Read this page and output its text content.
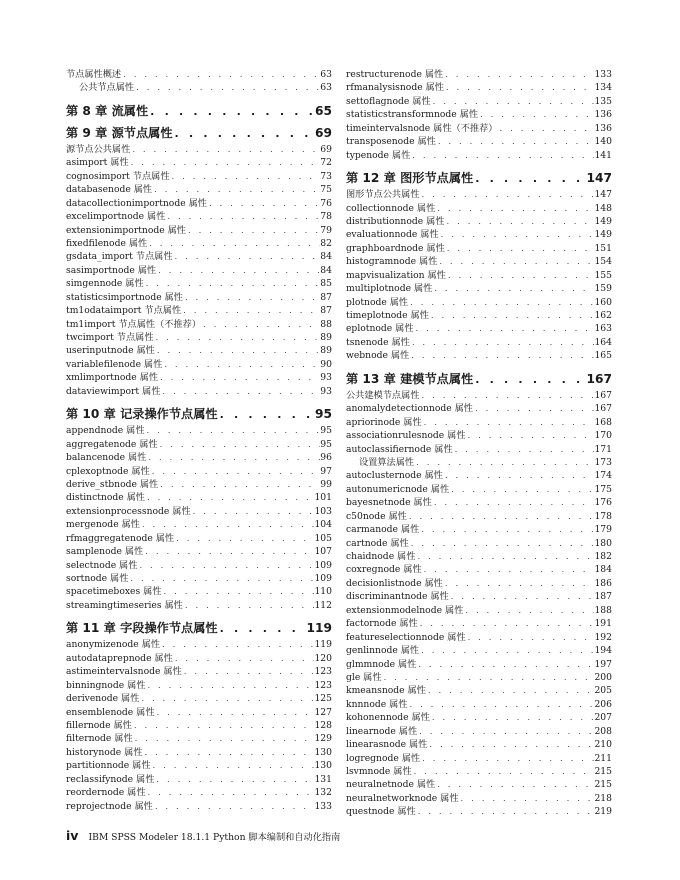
节点属性概述 . . .	63
公共节点属性 . . .	63
第 8 章 流属性 . . .	65
第 9 章 源节点属性 . . .	69
源节点公共属性 . . .	69
asimport 属性 . . .	72
cognosimport 节点属性 . . .	73
databasenode 属性 . . .	75
datacollectionimportnode 属性 . . .	76
excelimportnode 属性 . . .	78
extensionimportnode 属性 . . .	79
fixedfilenode 属性 . . .	82
gsdata_import 节点属性 . . .	84
sasimportnode 属性 . . .	84
simgennode 属性 . . .	85
statisticsimportnode 属性 . . .	87
tm1odataimport 节点属性 . . .	87
tm1import 节点属性（不推荐） . . .	88
twcimport 节点属性 . . .	89
userinputnode 属性 . . .	89
variablefilenode 属性 . . .	90
xmlimportnode 属性 . . .	93
dataviewimport 属性 . . .	93
第 10 章 记录操作节点属性 . . .	95
appendnode 属性 . . .	95
aggregatenode 属性 . . .	95
balancenode 属性 . . .	96
cplexoptnode 属性 . . .	97
derive_stbnode 属性 . . .	99
distinctnode 属性 . . .	101
extensionprocessnode 属性 . . .	103
mergenode 属性 . . .	104
rfmaggregatenode 属性 . . .	105
samplenode 属性 . . .	107
selectnode 属性 . . .	109
sortnode 属性 . . .	109
spacetimeboxes 属性 . . .	110
streamingtimeseries 属性 . . .	112
第 11 章 字段操作节点属性 . . .	119
anonymizenode 属性 . . .	119
autodataprepnode 属性 . . .	120
astimeintervalsnode 属性 . . .	123
binningnode 属性 . . .	123
derivenode 属性 . . .	125
ensemblenode 属性 . . .	127
fillernode 属性 . . .	128
filternode 属性 . . .	129
historynode 属性 . . .	130
partitionnode 属性 . . .	130
reclassifynode 属性 . . .	131
reordernode 属性 . . .	132
reprojectnode 属性 . . .	133
restructurenode 属性 . . .	133
rfmanalysisnode 属性 . . .	134
settoflagnode 属性 . . .	135
statisticstransformnode 属性 . . .	136
timeintervalsnode 属性（不推荐） . . .	136
transposenode 属性 . . .	140
typenode 属性 . . .	141
第 12 章 图形节点属性 . . .	147
图形节点公共属性 . . .	147
collectionnode 属性 . . .	148
distributionnode 属性 . . .	149
evaluationnode 属性 . . .	149
graphboardnode 属性 . . .	151
histogramnode 属性 . . .	154
mapvisualization 属性 . . .	155
multiplotnode 属性 . . .	159
plotnode 属性 . . .	160
timeplotnode 属性 . . .	162
eplotnode 属性 . . .	163
tsnenode 属性 . . .	164
webnode 属性 . . .	165
第 13 章 建模节点属性 . . .	167
公共建模节点属性 . . .	167
anomalydetectionnode 属性 . . .	167
apriorinode 属性 . . .	168
associationrulesnode 属性 . . .	170
autoclassifiernode 属性 . . .	171
设置算法属性 . . .	173
autoclusternode 属性 . . .	174
autonumericnode 属性 . . .	175
bayesnetnode 属性 . . .	176
c50node 属性 . . .	178
carmanode 属性 . . .	179
cartnode 属性 . . .	180
chaidnode 属性 . . .	182
coxregnode 属性 . . .	184
decisionlistnode 属性 . . .	186
discriminantnode 属性 . . .	187
extensionmodelnode 属性 . . .	188
factornode 属性 . . .	191
featureselectionnode 属性 . . .	192
genlinnode 属性 . . .	194
glmmnode 属性 . . .	197
gle 属性 . . .	200
kmeansnode 属性 . . .	205
knnnode 属性 . . .	206
kohonennode 属性 . . .	207
linearnode 属性 . . .	208
linearasnode 属性 . . .	210
logregnode 属性 . . .	211
lsvmnode 属性 . . .	215
neuralnetnode 属性 . . .	215
neuralnetworknode 属性 . . .	218
questnode 属性 . . .	219
iv IBM SPSS Modeler 18.1.1 Python 脚本编制和自动化指南
